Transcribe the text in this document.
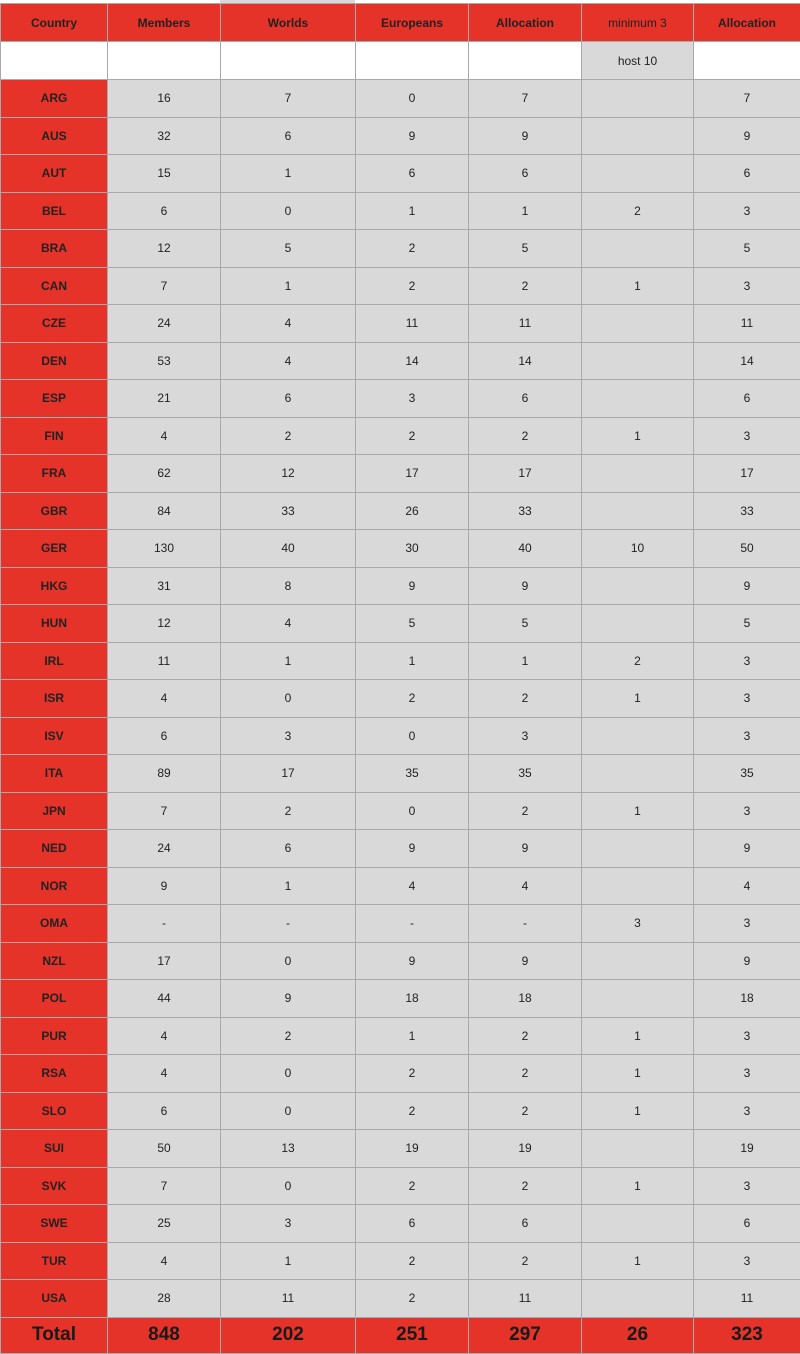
Country	Members	Worlds	Europeans	Allocation	minimum 3	Allocation
					host 10	
ARG	16	7	0	7		7
AUS	32	6	9	9		9
AUT	15	1	6	6		6
BEL	6	0	1	1	2	3
BRA	12	5	2	5		5
CAN	7	1	2	2	1	3
CZE	24	4	11	11		11
DEN	53	4	14	14		14
ESP	21	6	3	6		6
FIN	4	2	2	2	1	3
FRA	62	12	17	17		17
GBR	84	33	26	33		33
GER	130	40	30	40	10	50
HKG	31	8	9	9		9
HUN	12	4	5	5		5
IRL	11	1	1	1	2	3
ISR	4	0	2	2	1	3
ISV	6	3	0	3		3
ITA	89	17	35	35		35
JPN	7	2	0	2	1	3
NED	24	6	9	9		9
NOR	9	1	4	4		4
OMA	-	-	-	-	3	3
NZL	17	0	9	9		9
POL	44	9	18	18		18
PUR	4	2	1	2	1	3
RSA	4	0	2	2	1	3
SLO	6	0	2	2	1	3
SUI	50	13	19	19		19
SVK	7	0	2	2	1	3
SWE	25	3	6	6		6
TUR	4	1	2	2	1	3
USA	28	11	2	11		11
Total	848	202	251	297	26	323
